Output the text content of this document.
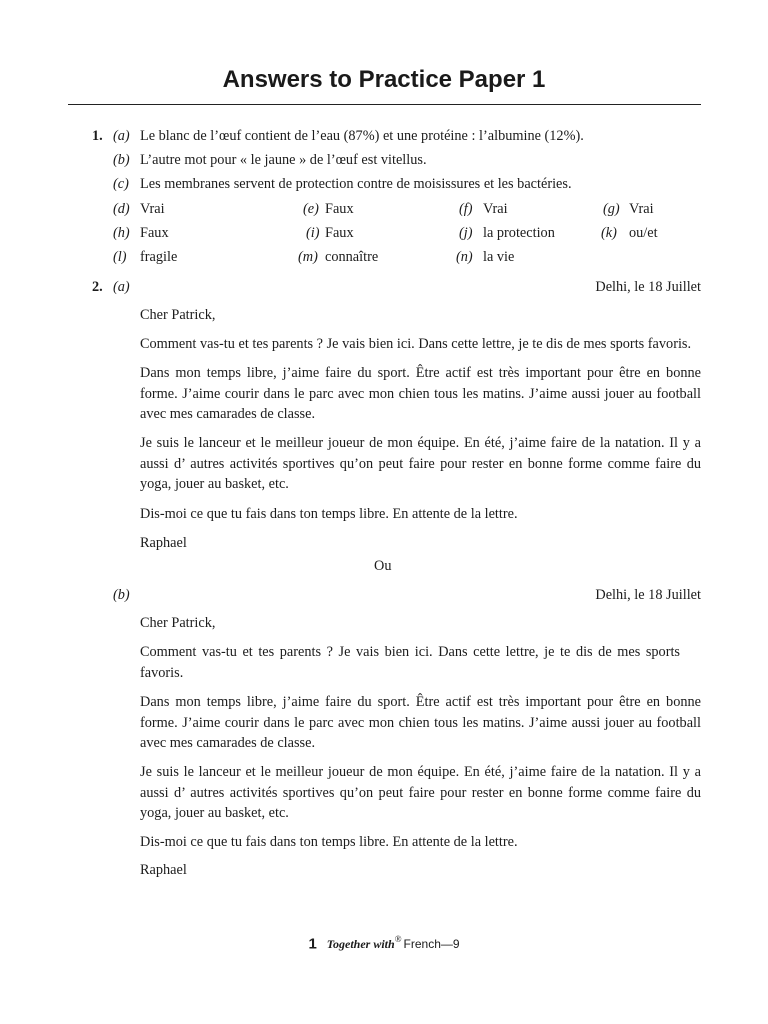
Answers to Practice Paper 1
1. (a) Le blanc de l’œuf contient de l’eau (87%) et une protéine : l’albumine (12%).
(b) L’autre mot pour « le jaune » de l’œuf est vitellus.
(c) Les membranes servent de protection contre de moisissures et les bactéries.
(d) Vrai	(e) Faux	(f) Vrai	(g) Vrai
(h) Faux	(i) Faux	(j) la protection	(k) ou/et
(l) fragile	(m) connaître	(n) la vie
2. (a)	Delhi, le 18 Juillet
Cher Patrick,
Comment vas-tu et tes parents ? Je vais bien ici. Dans cette lettre, je te dis de mes sports favoris.
Dans mon temps libre, j’aime faire du sport. Être actif est très important pour être en bonne forme. J’aime courir dans le parc avec mon chien tous les matins. J’aime aussi jouer au football avec mes camarades de classe.
Je suis le lanceur et le meilleur joueur de mon équipe. En été, j’aime faire de la natation. Il y a aussi d’ autres activités sportives qu’on peut faire pour rester en bonne forme comme faire du yoga, jouer au basket, etc.
Dis-moi ce que tu fais dans ton temps libre. En attente de la lettre.
Raphael
Ou
(b)	Delhi, le 18 Juillet
Cher Patrick,
Comment vas-tu et tes parents ? Je vais bien ici. Dans cette lettre, je te dis de mes sports favoris.
Dans mon temps libre, j’aime faire du sport. Être actif est très important pour être en bonne forme. J’aime courir dans le parc avec mon chien tous les matins. J’aime aussi jouer au football avec mes camarades de classe.
Je suis le lanceur et le meilleur joueur de mon équipe. En été, j’aime faire de la natation. Il y a aussi d’ autres activités sportives qu’on peut faire pour rester en bonne forme comme faire du yoga, jouer au basket, etc.
Dis-moi ce que tu fais dans ton temps libre. En attente de la lettre.
Raphael
1 Together with® French—9
